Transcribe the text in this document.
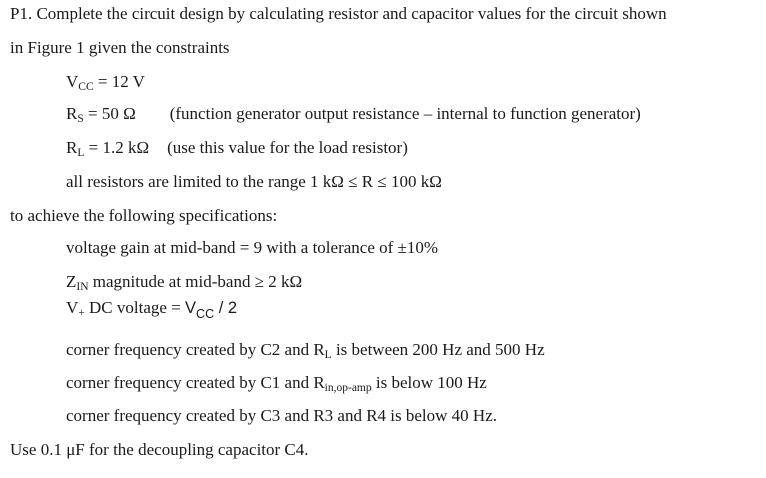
P1. Complete the circuit design by calculating resistor and capacitor values for the circuit shown
in Figure 1 given the constraints
$V_{CC} = 12$ V
$R_S = 50$ Ω (function generator output resistance – internal to function generator)
$R_L = 1.2$ kΩ (use this value for the load resistor)
all resistors are limited to the range 1 kΩ ≤ R ≤ 100 kΩ
to achieve the following specifications:
voltage gain at mid-band = 9 with a tolerance of ±10%
$Z_{IN}$ magnitude at mid-band ≥ 2 kΩ
$V_+$ DC voltage = $V_{CC} / 2$
corner frequency created by C2 and $R_L$ is between 200 Hz and 500 Hz
corner frequency created by C1 and $R_{in,op-amp}$ is below 100 Hz
corner frequency created by C3 and R3 and R4 is below 40 Hz.
Use 0.1 μF for the decoupling capacitor C4.
